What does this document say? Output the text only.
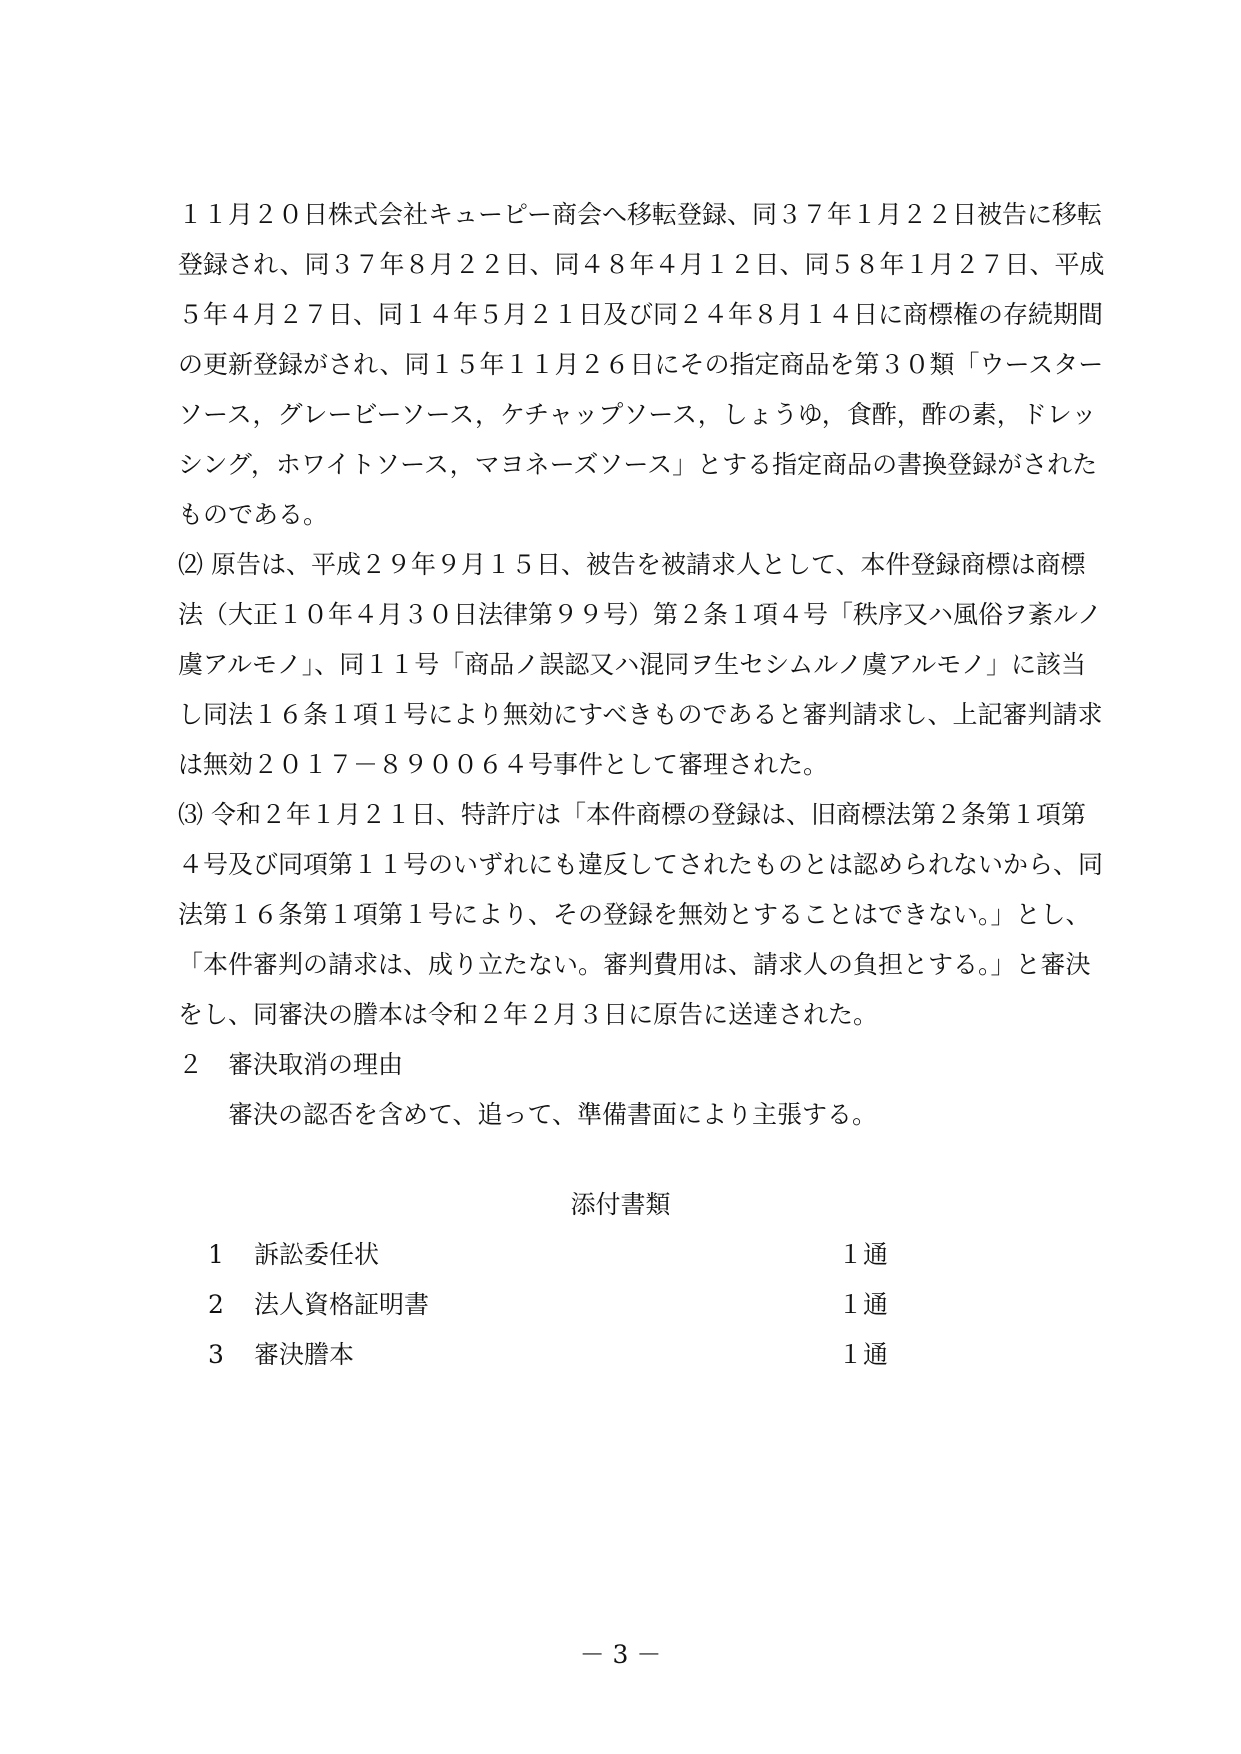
１１月２０日株式会社キューピー商会へ移転登録、同３７年１月２２日被告に移転
登録され、同３７年８月２２日、同４８年４月１２日、同５８年１月２７日、平成
５年４月２７日、同１４年５月２１日及び同２４年８月１４日に商標権の存続期間
の更新登録がされ、同１５年１１月２６日にその指定商品を第３０類「ウースター
ソース，グレービーソース，ケチャップソース，しょうゆ，食酢，酢の素，ドレッ
シング，ホワイトソース，マヨネーズソース」とする指定商品の書換登録がされた
ものである。
⑵ 原告は、平成２９年９月１５日、被告を被請求人として、本件登録商標は商標
法（大正１０年４月３０日法律第９９号）第２条１項４号「秩序又ハ風俗ヲ紊ルノ
虞アルモノ」、同１１号「商品ノ誤認又ハ混同ヲ生セシムルノ虞アルモノ」に該当
し同法１６条１項１号により無効にすべきものであると審判請求し、上記審判請求
は無効２０１７－８９００６４号事件として審理された。
⑶ 令和２年１月２１日、特許庁は「本件商標の登録は、旧商標法第２条第１項第
４号及び同項第１１号のいずれにも違反してされたものとは認められないから、同
法第１６条第１項第１号により、その登録を無効とすることはできない。」とし、
「本件審判の請求は、成り立たない。審判費用は、請求人の負担とする。」と審決
をし、同審決の謄本は令和２年２月３日に原告に送達された。
２　審決取消の理由
審決の認否を含めて、追って、準備書面により主張する。
添付書類
1	訴訟委任状	１通
2	法人資格証明書	１通
3	審決謄本	１通
－ 3 －
